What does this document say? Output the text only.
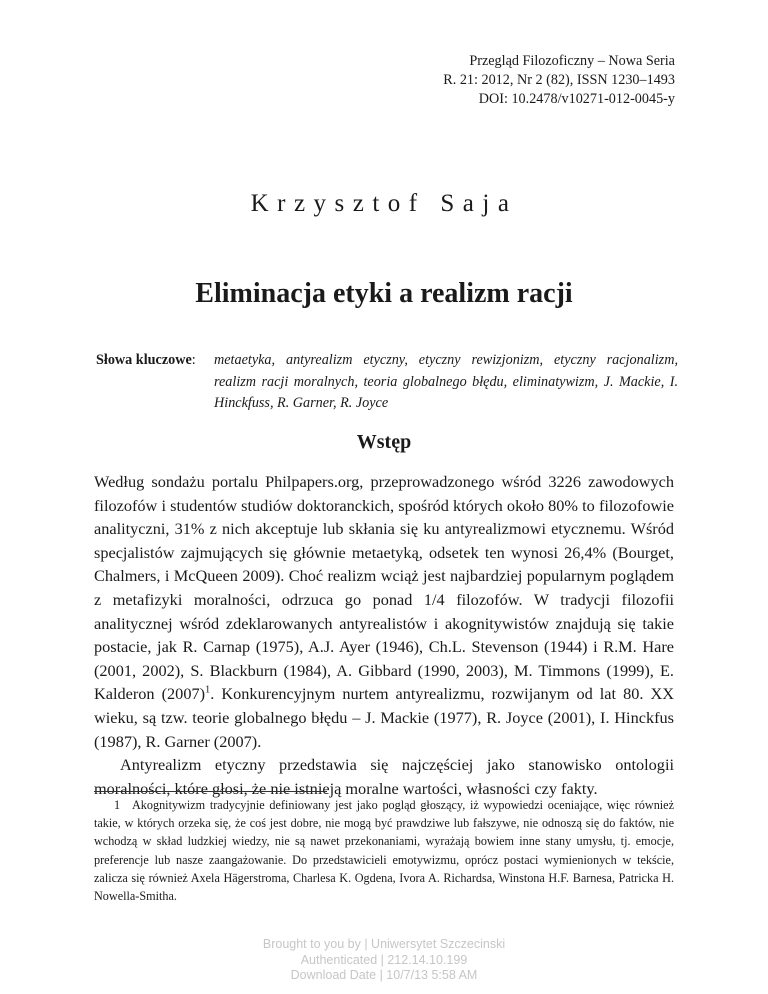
Przegląd Filozoficzny – Nowa Seria
R. 21: 2012, Nr 2 (82), ISSN 1230–1493
DOI: 10.2478/v10271-012-0045-y
Krzysztof Saja
Eliminacja etyki a realizm racji
Słowa kluczowe: metaetyka, antyrealizm etyczny, etyczny rewizjonizm, etyczny racjonalizm, realizm racji moralnych, teoria globalnego błędu, eliminatywizm, J. Mackie, I. Hinckfuss, R. Garner, R. Joyce
Wstęp

Według sondażu portalu Philpapers.org, przeprowadzonego wśród 3226 zawodowych filozofów i studentów studiów doktoranckich, spośród których około 80% to filozofowie analityczni, 31% z nich akceptuje lub skłania się ku antyrealizmowi etycznemu. Wśród specjalistów zajmujących się głównie metaetyką, odsetek ten wynosi 26,4% (Bourget, Chalmers, i McQueen 2009). Choć realizm wciąż jest najbardziej popularnym poglądem z metafizyki moralności, odrzuca go ponad 1/4 filozofów. W tradycji filozofii analitycznej wśród zdeklarowanych antyrealistów i akognitywistów znajdują się takie postacie, jak R. Carnap (1975), A.J. Ayer (1946), Ch.L. Stevenson (1944) i R.M. Hare (2001, 2002), S. Blackburn (1984), A. Gibbard (1990, 2003), M. Timmons (1999), E. Kalderon (2007)$^1$. Konkurencyjnym nurtem antyrealizmu, rozwijanym od lat 80. XX wieku, są tzw. teorie globalnego błędu – J. Mackie (1977), R. Joyce (2001), I. Hinckfus (1987), R. Garner (2007).

Antyrealizm etyczny przedstawia się najczęściej jako stanowisko ontologii moralności, które głosi, że nie istnieją moralne wartości, własności czy fakty.

1 Akognitywizm tradycyjnie definiowany jest jako pogląd głoszący, iż wypowiedzi oceniające, więc również takie, w których orzeka się, że coś jest dobre, nie mogą być prawdziwe lub fałszywe, nie odnoszą się do faktów, nie wchodzą w skład ludzkiej wiedzy, nie są nawet przekonaniami, wyrażają bowiem inne stany umysłu, tj. emocje, preferencje lub nasze zaangażowanie. Do przedstawicieli emotywizmu, oprócz postaci wymienionych w tekście, zalicza się również Axela Hägerstroma, Charlesa K. Ogdena, Ivora A. Richardsa, Winstona H.F. Barnesa, Patricka H. Nowella-Smitha.
Brought to you by | Uniwersytet Szczecinski
Authenticated | 212.14.10.199
Download Date | 10/7/13 5:58 AM
